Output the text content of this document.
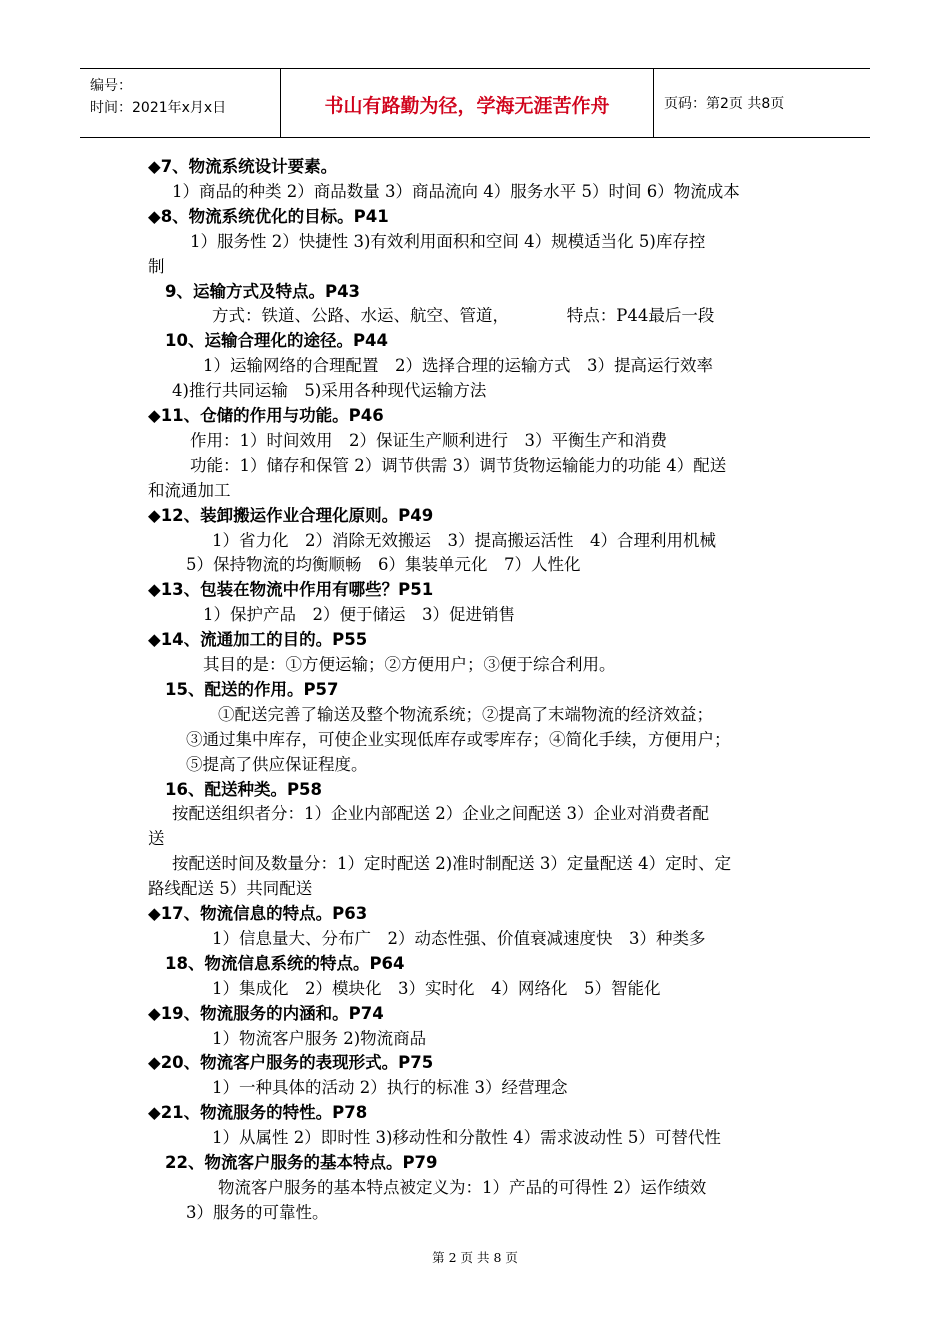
编号：
时间：2021年x月x日	书山有路勤为径，学海无涯苦作舟	页码：第2页 共8页
◆7、物流系统设计要素。
1）商品的种类 2）商品数量 3）商品流向 4）服务水平 5）时间 6）物流成本
◆8、物流系统优化的目标。P41
1）服务性 2）快捷性 3)有效利用面积和空间 4）规模适当化 5)库存控
制
9、运输方式及特点。P43
方式：铁道、公路、水运、航空、管道，　　　　特点：P44最后一段
10、运输合理化的途径。P44
1）运输网络的合理配置　2）选择合理的运输方式　3）提高运行效率
4)推行共同运输　5)采用各种现代运输方法
◆11、仓储的作用与功能。P46
作用：1）时间效用　2）保证生产顺利进行　3）平衡生产和消费
功能：1）储存和保管 2）调节供需 3）调节货物运输能力的功能 4）配送
和流通加工
◆12、装卸搬运作业合理化原则。P49
1）省力化　2）消除无效搬运　3）提高搬运活性　4）合理利用机械
5）保持物流的均衡顺畅　6）集装单元化　7）人性化
◆13、包装在物流中作用有哪些？P51
1）保护产品　2）便于储运　3）促进销售
◆14、流通加工的目的。P55
其目的是：①方便运输；②方便用户；③便于综合利用。
15、配送的作用。P57
①配送完善了输送及整个物流系统；②提高了末端物流的经济效益；
③通过集中库存，可使企业实现低库存或零库存；④简化手续，方便用户；
⑤提高了供应保证程度。
16、配送种类。P58
按配送组织者分：1）企业内部配送 2）企业之间配送 3）企业对消费者配
送
按配送时间及数量分：1）定时配送 2)准时制配送 3）定量配送 4）定时、定
路线配送 5）共同配送
◆17、物流信息的特点。P63
1）信息量大、分布广　2）动态性强、价值衰减速度快　3）种类多
18、物流信息系统的特点。P64
1）集成化　2）模块化　3）实时化　4）网络化　5）智能化
◆19、物流服务的内涵和。P74
1）物流客户服务 2)物流商品
◆20、物流客户服务的表现形式。P75
1）一种具体的活动 2）执行的标准 3）经营理念
◆21、物流服务的特性。P78
1）从属性 2）即时性 3)移动性和分散性 4）需求波动性 5）可替代性
22、物流客户服务的基本特点。P79
物流客户服务的基本特点被定义为：1）产品的可得性 2）运作绩效
3）服务的可靠性。
第 2 页 共 8 页
